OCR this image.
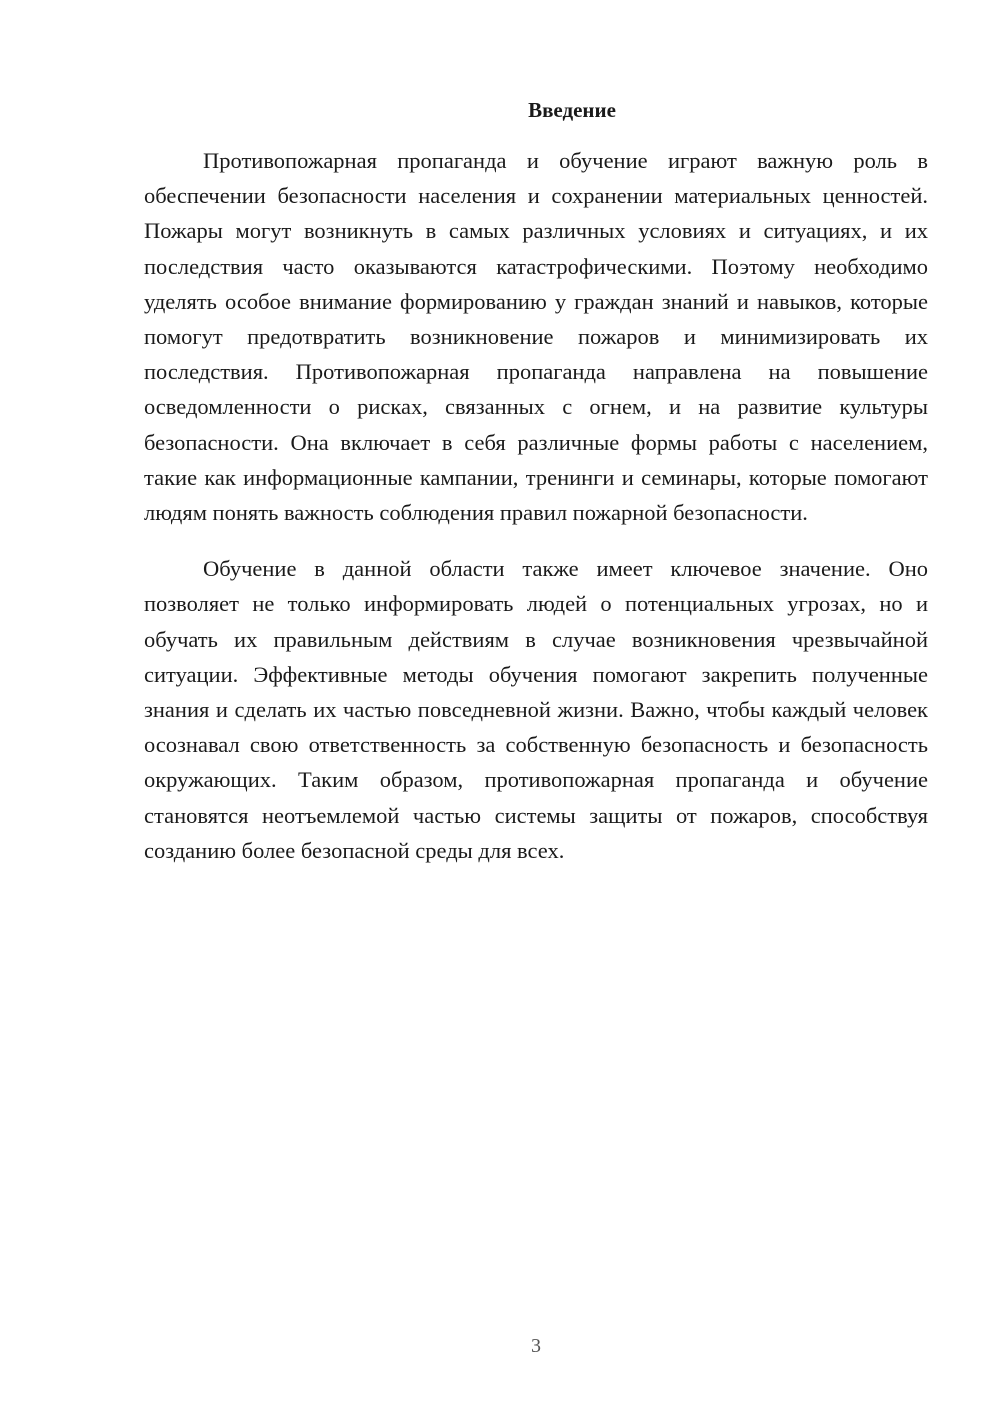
Введение

Противопожарная пропаганда и обучение играют важную роль в обеспечении безопасности населения и сохранении материальных ценностей. Пожары могут возникнуть в самых различных условиях и ситуациях, и их последствия часто оказываются катастрофическими. Поэтому необходимо уделять особое внимание формированию у граждан знаний и навыков, которые помогут предотвратить возникновение пожаров и минимизировать их последствия. Противопожарная пропаганда направлена на повышение осведомленности о рисках, связанных с огнем, и на развитие культуры безопасности. Она включает в себя различные формы работы с населением, такие как информационные кампании, тренинги и семинары, которые помогают людям понять важность соблюдения правил пожарной безопасности.

Обучение в данной области также имеет ключевое значение. Оно позволяет не только информировать людей о потенциальных угрозах, но и обучать их правильным действиям в случае возникновения чрезвычайной ситуации. Эффективные методы обучения помогают закрепить полученные знания и сделать их частью повседневной жизни. Важно, чтобы каждый человек осознавал свою ответственность за собственную безопасность и безопасность окружающих. Таким образом, противопожарная пропаганда и обучение становятся неотъемлемой частью системы защиты от пожаров, способствуя созданию более безопасной среды для всех.

3
